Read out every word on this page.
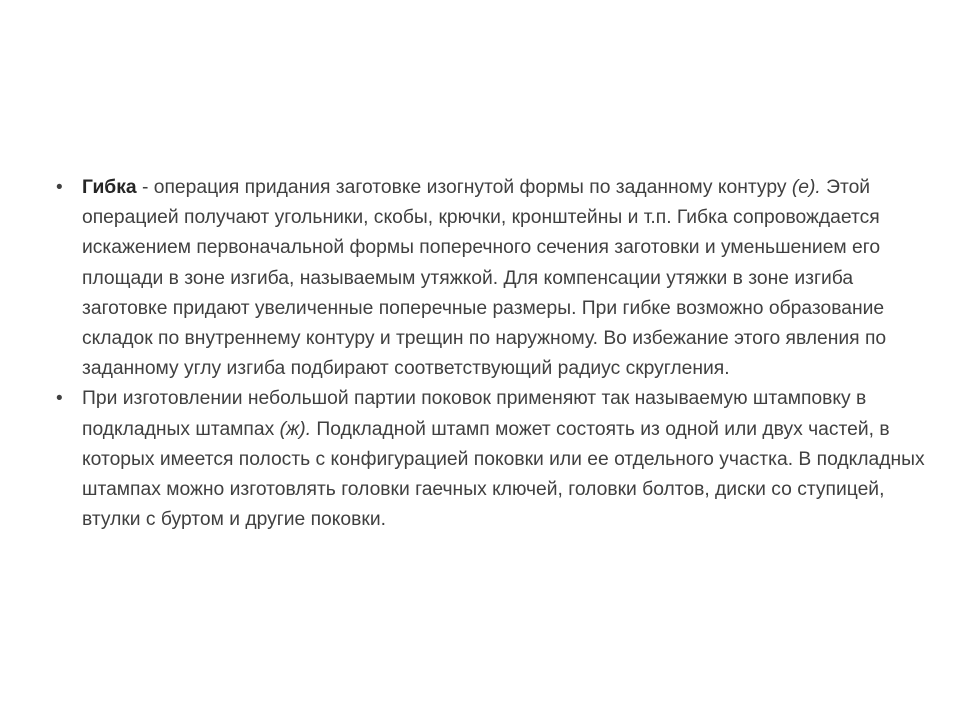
• Гибка - операция придания заготовке изогнутой формы по заданному контуру (е). Этой операцией получают угольники, скобы, крючки, кронштейны и т.п. Гибка сопровождается искажением первоначальной формы поперечного сечения заготовки и уменьшением его площади в зоне изгиба, называемым утяжкой. Для компенсации утяжки в зоне изгиба заготовке придают увеличенные поперечные размеры. При гибке возможно образование складок по внутреннему контуру и трещин по наружному. Во избежание этого явления по заданному углу изгиба подбирают соответствующий радиус скругления.
• При изготовлении небольшой партии поковок применяют так называемую штамповку в подкладных штампах (ж). Подкладной штамп может состоять из одной или двух частей, в которых имеется полость с конфигурацией поковки или ее отдельного участка. В подкладных штампах можно изготовлять головки гаечных ключей, головки болтов, диски со ступицей, втулки с буртом и другие поковки.
